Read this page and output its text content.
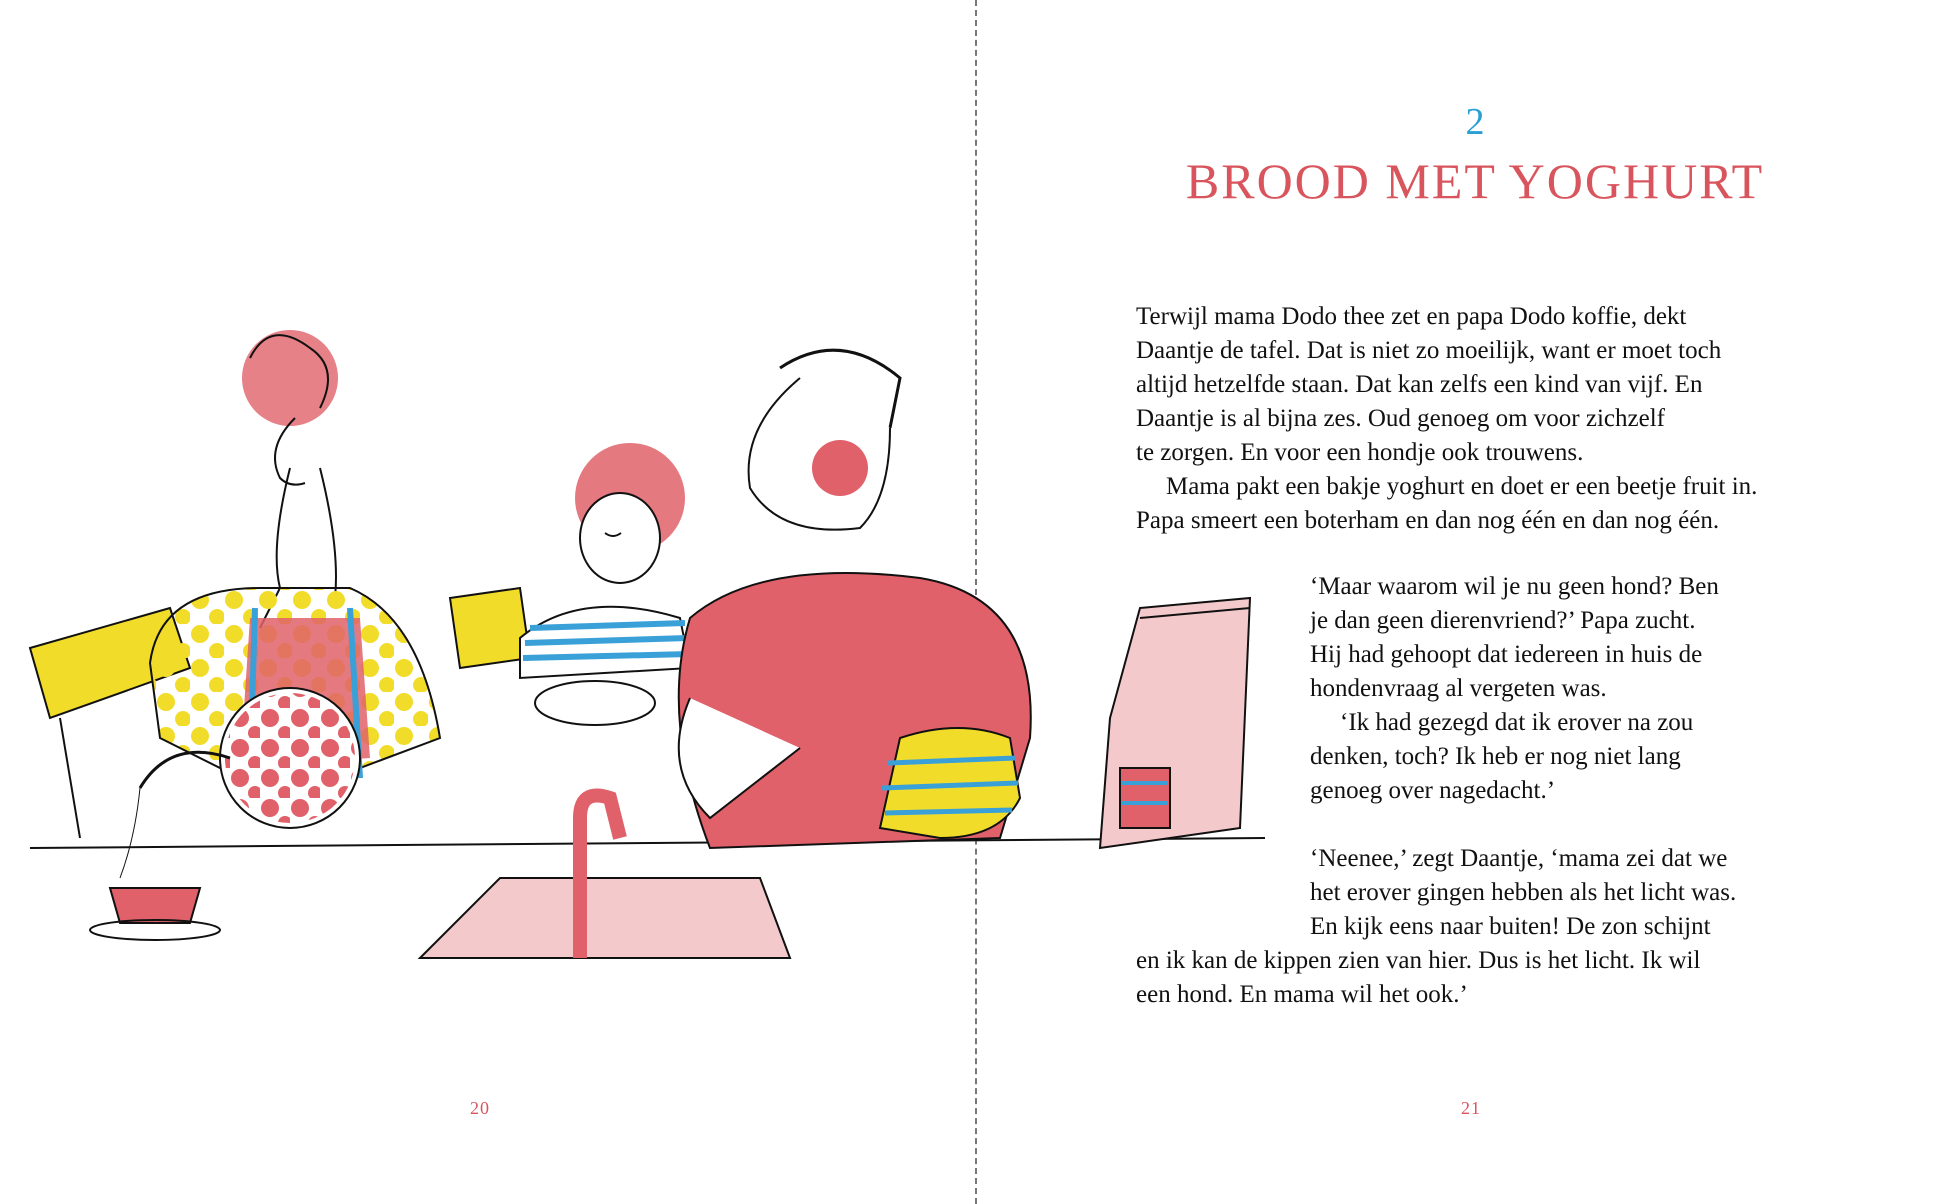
2
BROOD MET YOGHURT
Terwijl mama Dodo thee zet en papa Dodo koffie, dekt
Daantje de tafel. Dat is niet zo moeilijk, want er moet toch
altijd hetzelfde staan. Dat kan zelfs een kind van vijf. En
Daantje is al bijna zes. Oud genoeg om voor zichzelf
te zorgen. En voor een hondje ook trouwens.
Mama pakt een bakje yoghurt en doet er een beetje fruit in.
Papa smeert een boterham en dan nog één en dan nog één.
‘Maar waarom wil je nu geen hond? Ben
je dan geen dierenvriend?’ Papa zucht.
Hij had gehoopt dat iedereen in huis de
hondenvraag al vergeten was.
‘Ik had gezegd dat ik erover na zou
denken, toch? Ik heb er nog niet lang
genoeg over nagedacht.’
‘Neenee,’ zegt Daantje, ‘mama zei dat we
het erover gingen hebben als het licht was.
En kijk eens naar buiten! De zon schijnt
en ik kan de kippen zien van hier. Dus is het licht. Ik wil
een hond. En mama wil het ook.’
20	21
